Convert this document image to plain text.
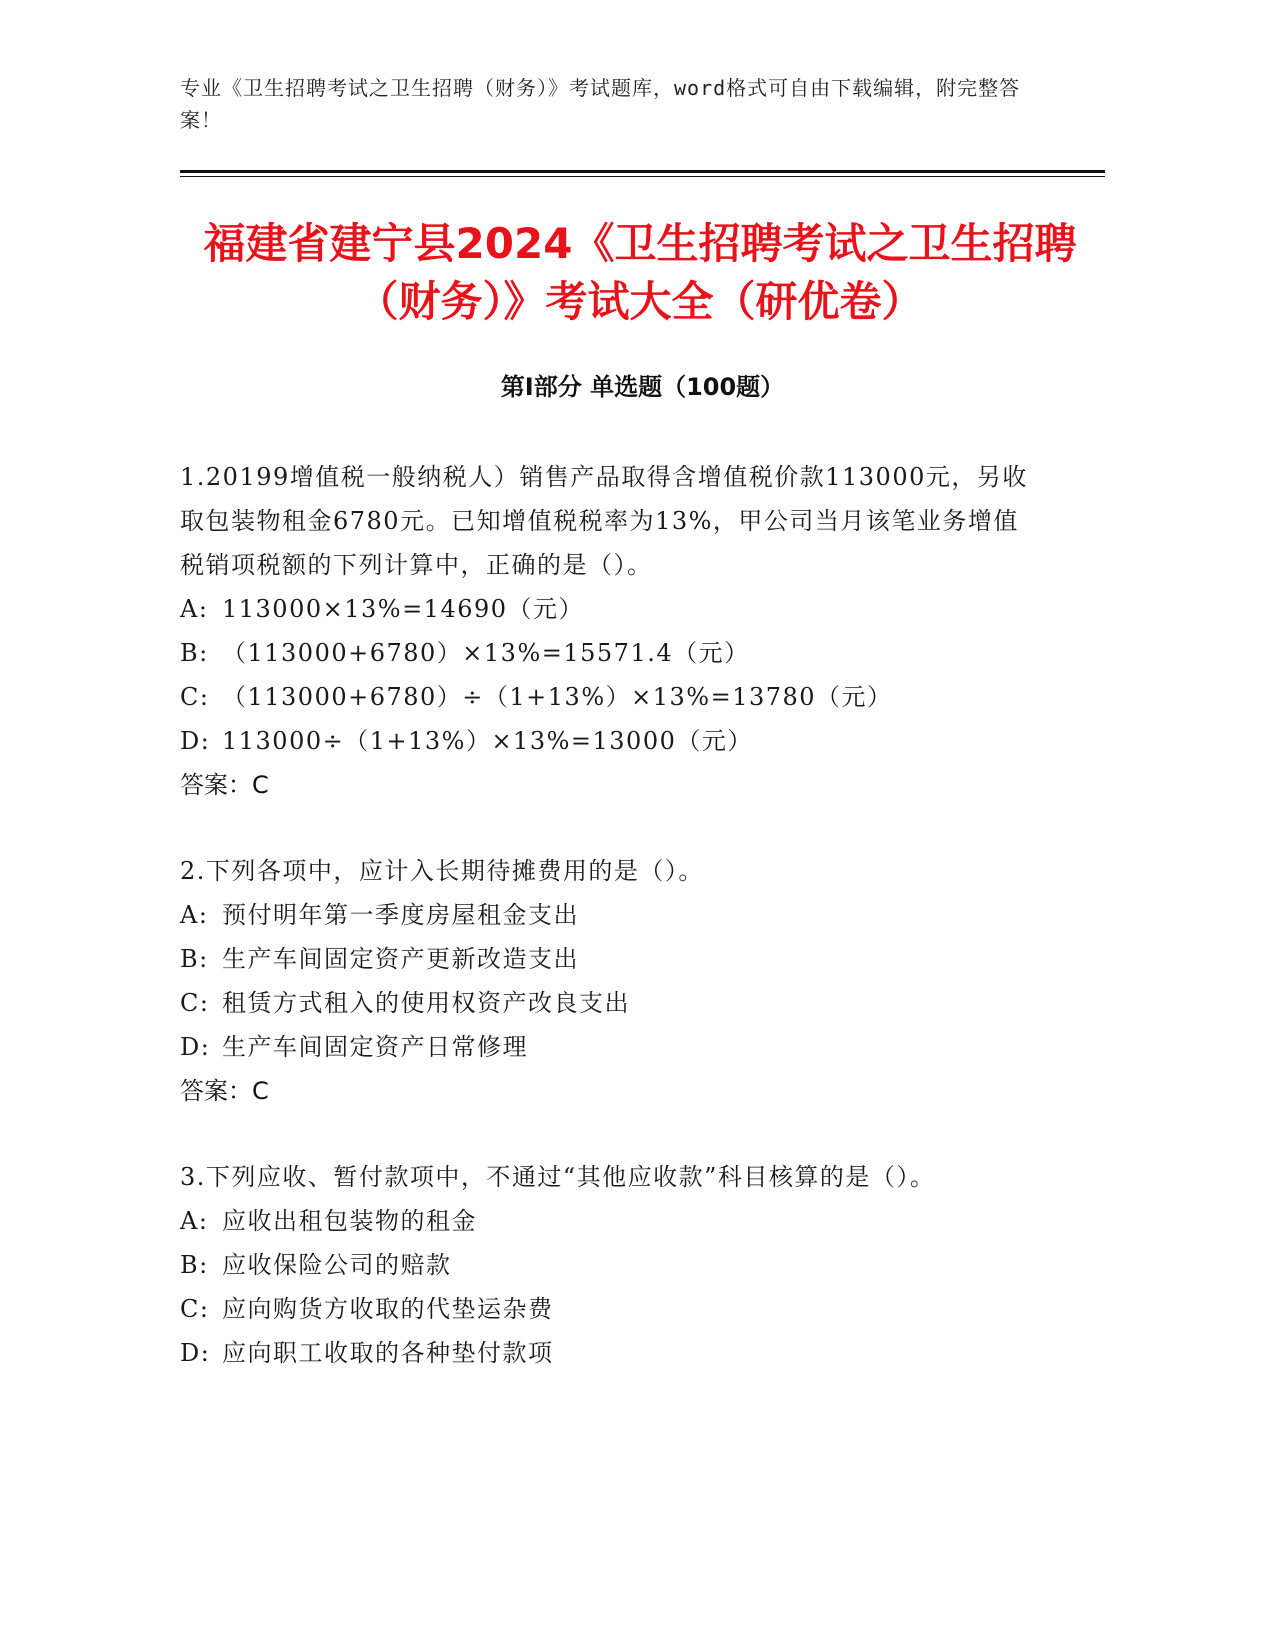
专业《卫生招聘考试之卫生招聘（财务）》考试题库，word格式可自由下载编辑，附完整答案！
福建省建宁县2024《卫生招聘考试之卫生招聘（财务）》考试大全（研优卷）
第Ⅰ部分 单选题（100题）
1.20199增值税一般纳税人）销售产品取得含增值税价款113000元，另收取包装物租金6780元。已知增值税税率为13%，甲公司当月该笔业务增值税销项税额的下列计算中，正确的是（）。
A: 113000×13%=14690（元）
B: （113000+6780）×13%=15571.4（元）
C: （113000+6780）÷（1+13%）×13%=13780（元）
D: 113000÷（1+13%）×13%=13000（元）
答案：C
2.下列各项中，应计入长期待摊费用的是（）。
A: 预付明年第一季度房屋租金支出
B: 生产车间固定资产更新改造支出
C: 租赁方式租入的使用权资产改良支出
D: 生产车间固定资产日常修理
答案：C
3.下列应收、暂付款项中，不通过“其他应收款”科目核算的是（）。
A: 应收出租包装物的租金
B: 应收保险公司的赔款
C: 应向购货方收取的代垫运杂费
D: 应向职工收取的各种垫付款项
